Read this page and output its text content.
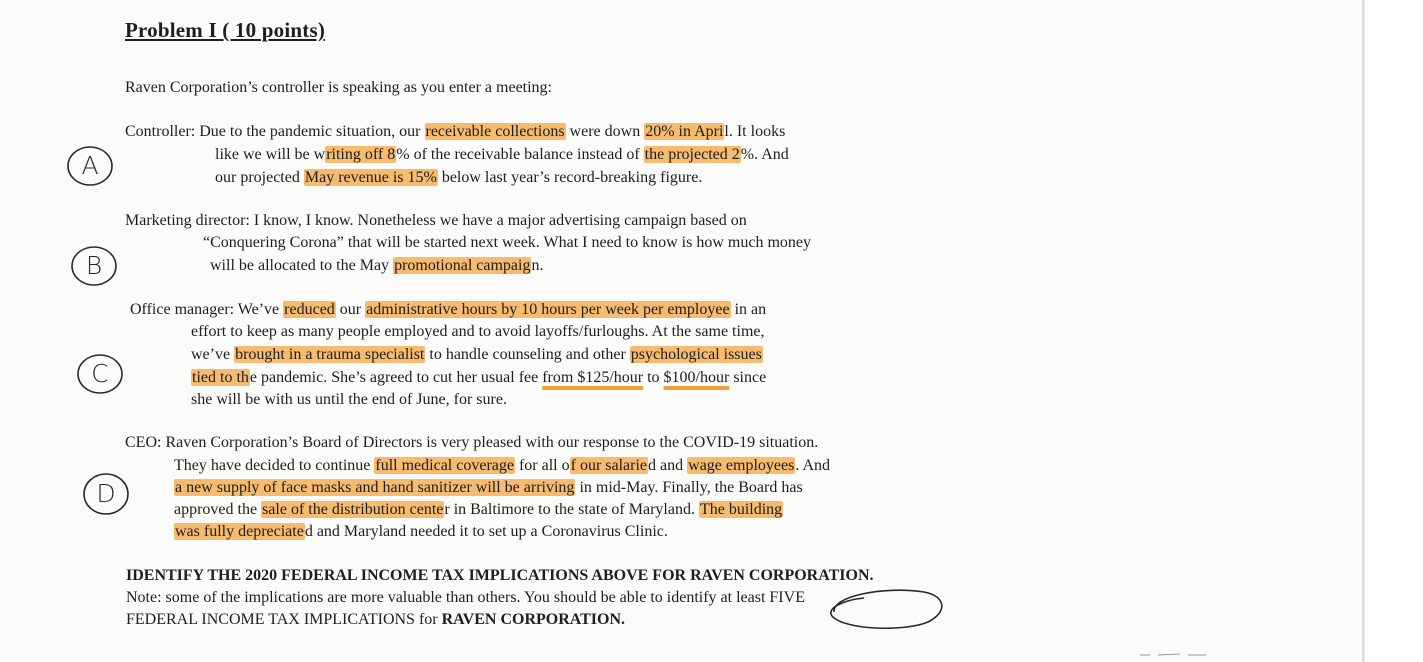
Problem I ( 10 points)
Raven Corporation’s controller is speaking as you enter a meeting:
Controller: Due to the pandemic situation, our receivable collections were down 20% in April. It looks
like we will be writing off 8% of the receivable balance instead of the projected 2%. And
our projected May revenue is 15% below last year’s record-breaking figure.
Marketing director: I know, I know. Nonetheless we have a major advertising campaign based on
“Conquering Corona” that will be started next week. What I need to know is how much money
will be allocated to the May promotional campaign.
Office manager: We’ve reduced our administrative hours by 10 hours per week per employee in an
effort to keep as many people employed and to avoid layoffs/furloughs. At the same time,
we’ve brought in a trauma specialist to handle counseling and other psychological issues
tied to the pandemic. She’s agreed to cut her usual fee from $125/hour to $100/hour since
she will be with us until the end of June, for sure.
CEO: Raven Corporation’s Board of Directors is very pleased with our response to the COVID-19 situation.
They have decided to continue full medical coverage for all of our salaried and wage employees. And
a new supply of face masks and hand sanitizer will be arriving in mid-May. Finally, the Board has
approved the sale of the distribution center in Baltimore to the state of Maryland. The building
was fully depreciated and Maryland needed it to set up a Coronavirus Clinic.
IDENTIFY THE 2020 FEDERAL INCOME TAX IMPLICATIONS ABOVE FOR RAVEN CORPORATION.
Note: some of the implications are more valuable than others. You should be able to identify at least FIVE
FEDERAL INCOME TAX IMPLICATIONS for RAVEN CORPORATION.
A
B
C
D
